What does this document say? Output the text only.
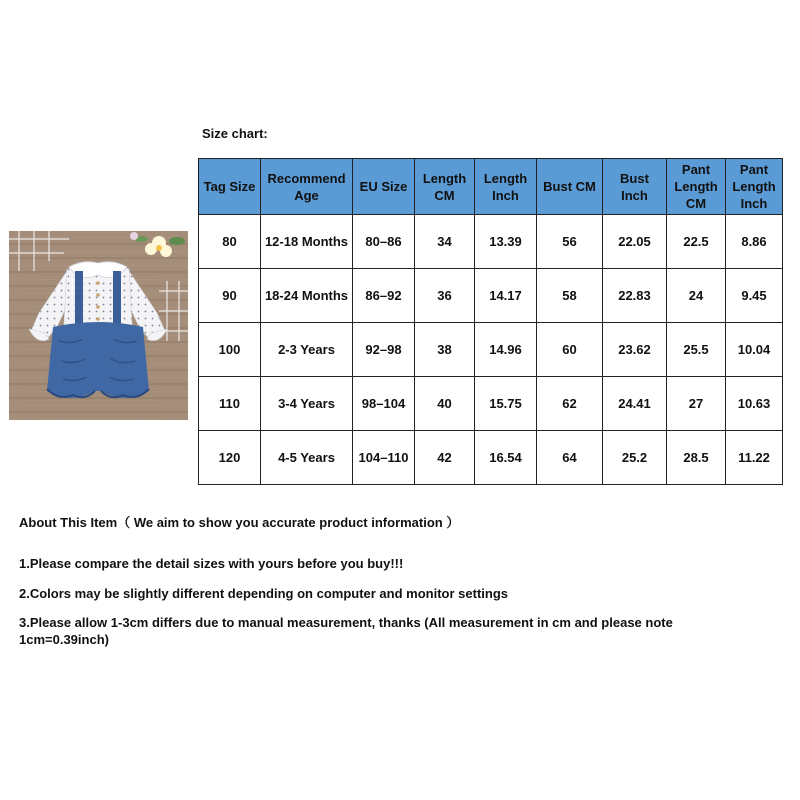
Size chart:
Tag Size	Recommend Age	EU Size	Length CM	Length Inch	Bust CM	Bust Inch	Pant Length CM	Pant Length Inch
80	12-18 Months	80–86	34	13.39	56	22.05	22.5	8.86
90	18-24 Months	86–92	36	14.17	58	22.83	24	9.45
100	2-3 Years	92–98	38	14.96	60	23.62	25.5	10.04
110	3-4 Years	98–104	40	15.75	62	24.41	27	10.63
120	4-5 Years	104–110	42	16.54	64	25.2	28.5	11.22
About This Item（ We aim to show you accurate product information ）
1.Please compare the detail sizes with yours before you buy!!!
2.Colors may be slightly different depending on computer and monitor settings
3.Please allow 1-3cm differs due to manual measurement, thanks (All measurement in cm and please note 1cm=0.39inch)
